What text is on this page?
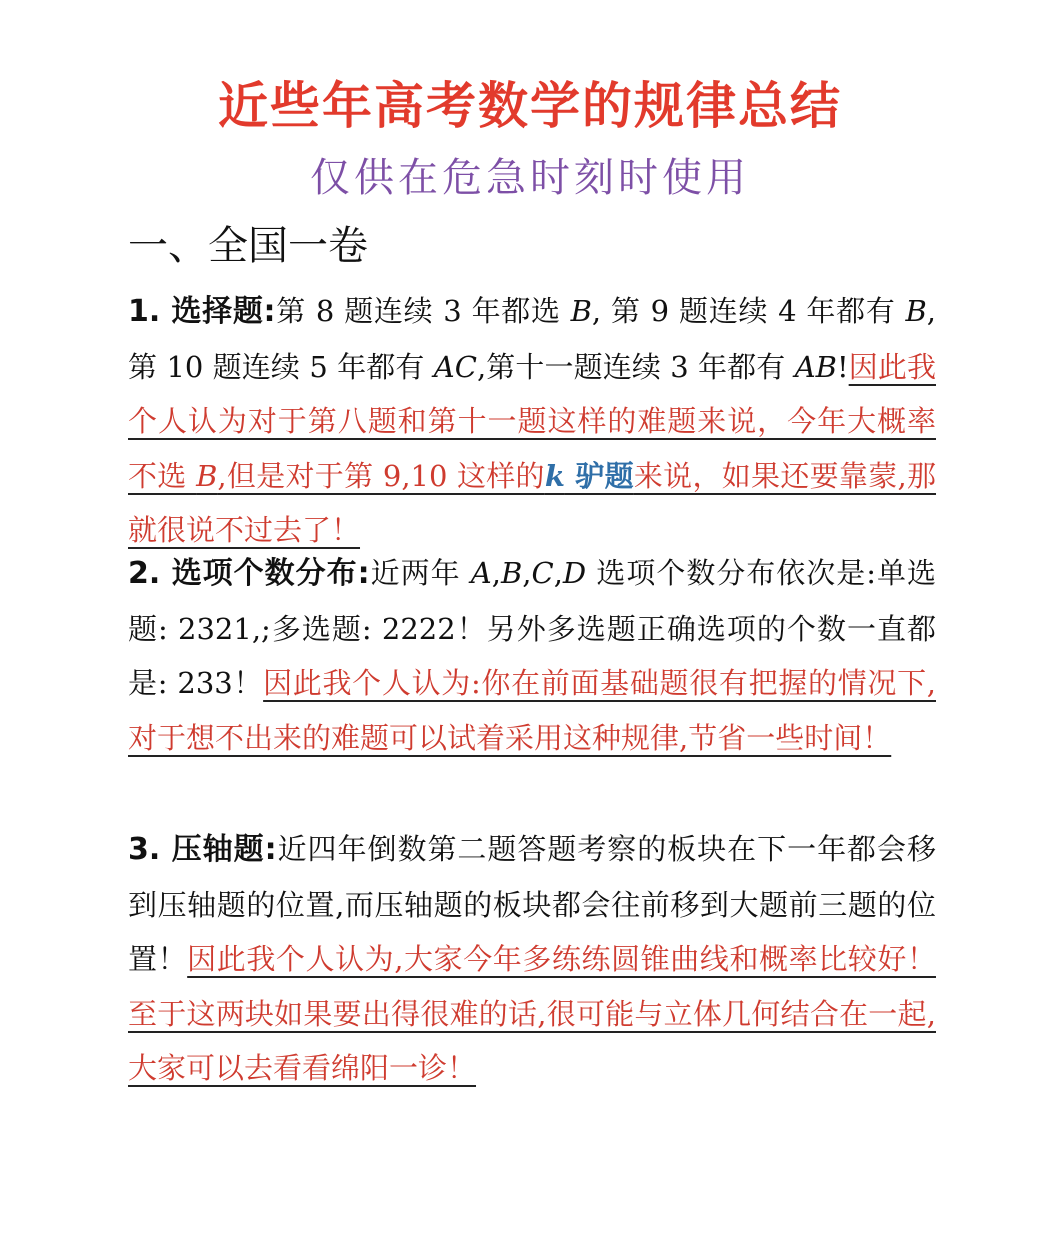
近些年高考数学的规律总结
仅供在危急时刻时使用
一、全国一卷
1. 选择题:第 8 题连续 3 年都选 B, 第 9 题连续 4 年都有 B,第 10 题连续 5 年都有 AC,第十一题连续 3 年都有 AB!因此我个人认为对于第八题和第十一题这样的难题来说，今年大概率不选 B,但是对于第 9,10 这样的k 驴题来说，如果还要靠蒙,那就很说不过去了！
2. 选项个数分布:近两年 A,B,C,D 选项个数分布依次是:单选题: 2321,;多选题: 2222！另外多选题正确选项的个数一直都是: 233！因此我个人认为:你在前面基础题很有把握的情况下,对于想不出来的难题可以试着采用这种规律,节省一些时间！
3. 压轴题:近四年倒数第二题答题考察的板块在下一年都会移到压轴题的位置,而压轴题的板块都会往前移到大题前三题的位置！因此我个人认为,大家今年多练练圆锥曲线和概率比较好！至于这两块如果要出得很难的话,很可能与立体几何结合在一起,大家可以去看看绵阳一诊！
